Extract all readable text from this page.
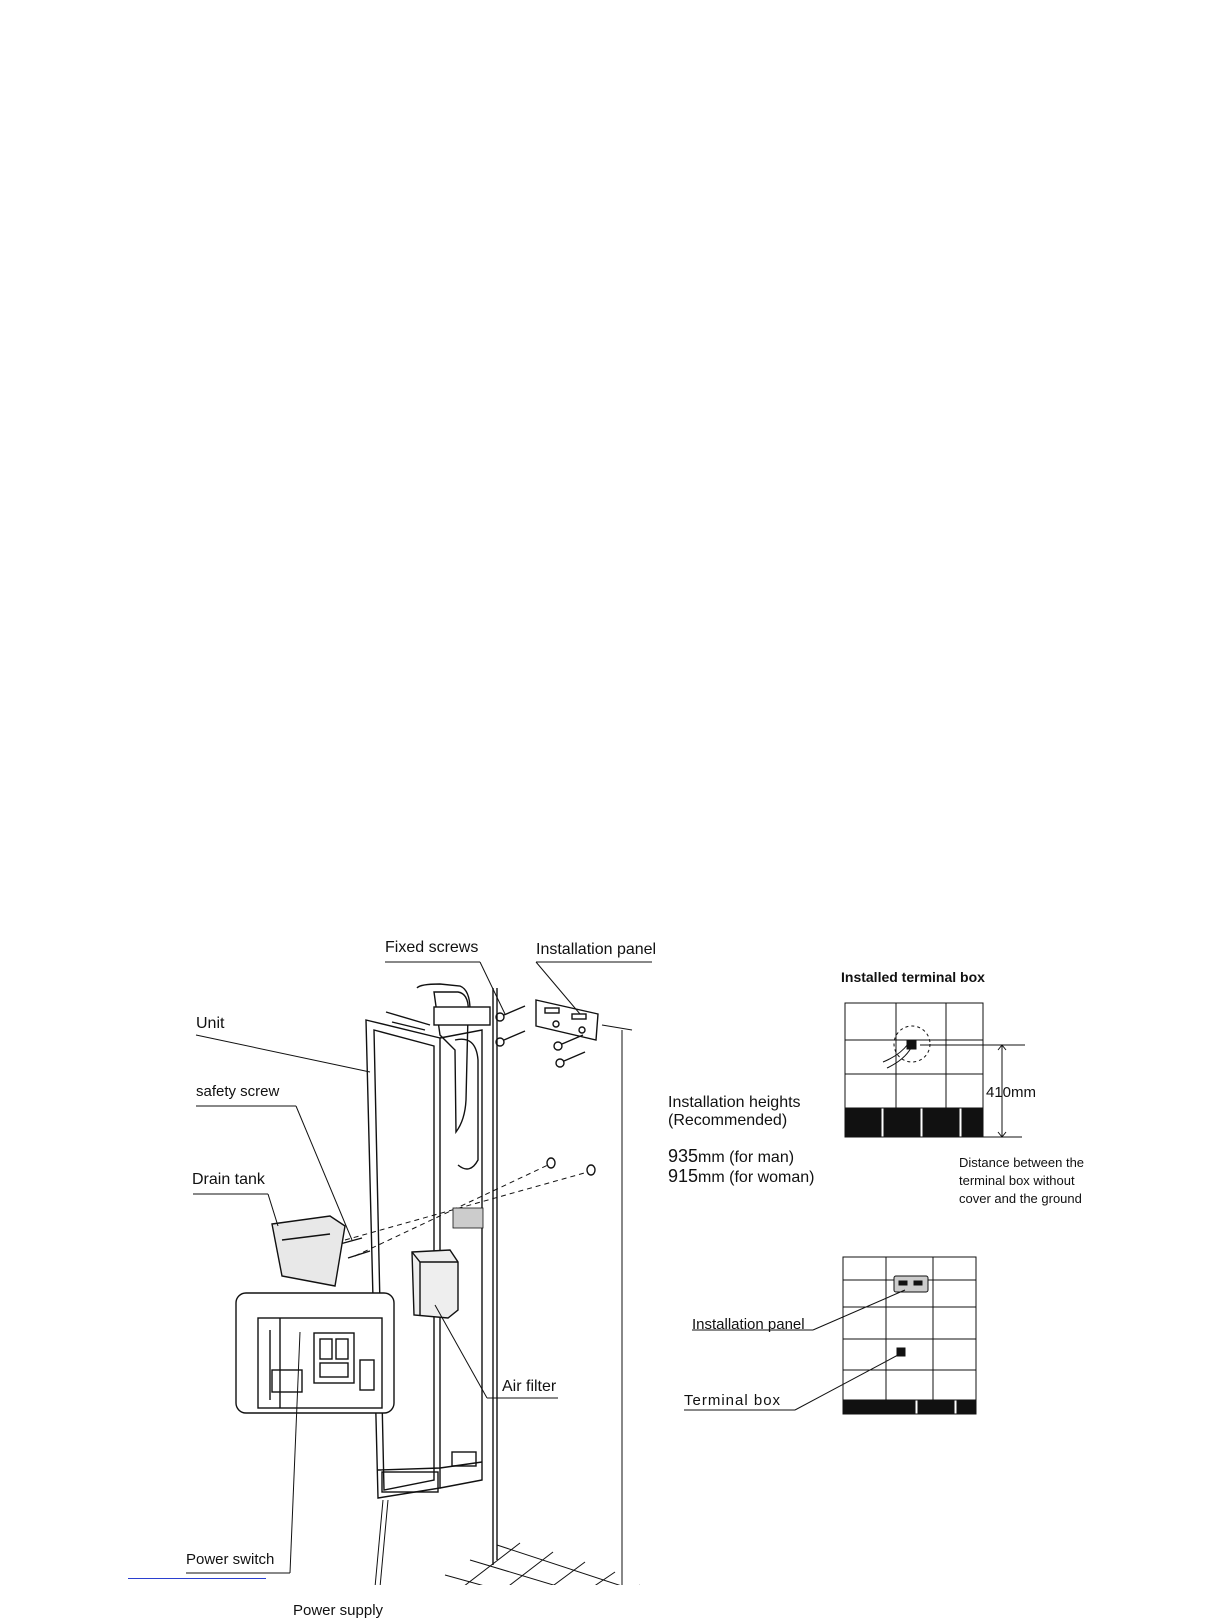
Fixed screws	Installation panel
Unit
safety screw
Drain tank
Power switch
Power supply
Air filter
Installed terminal box
Installation heights
(Recommended)
935mm (for man)
915mm (for woman)
410mm
Distance between the
terminal box without
cover and the ground
Installation panel
Terminal box
